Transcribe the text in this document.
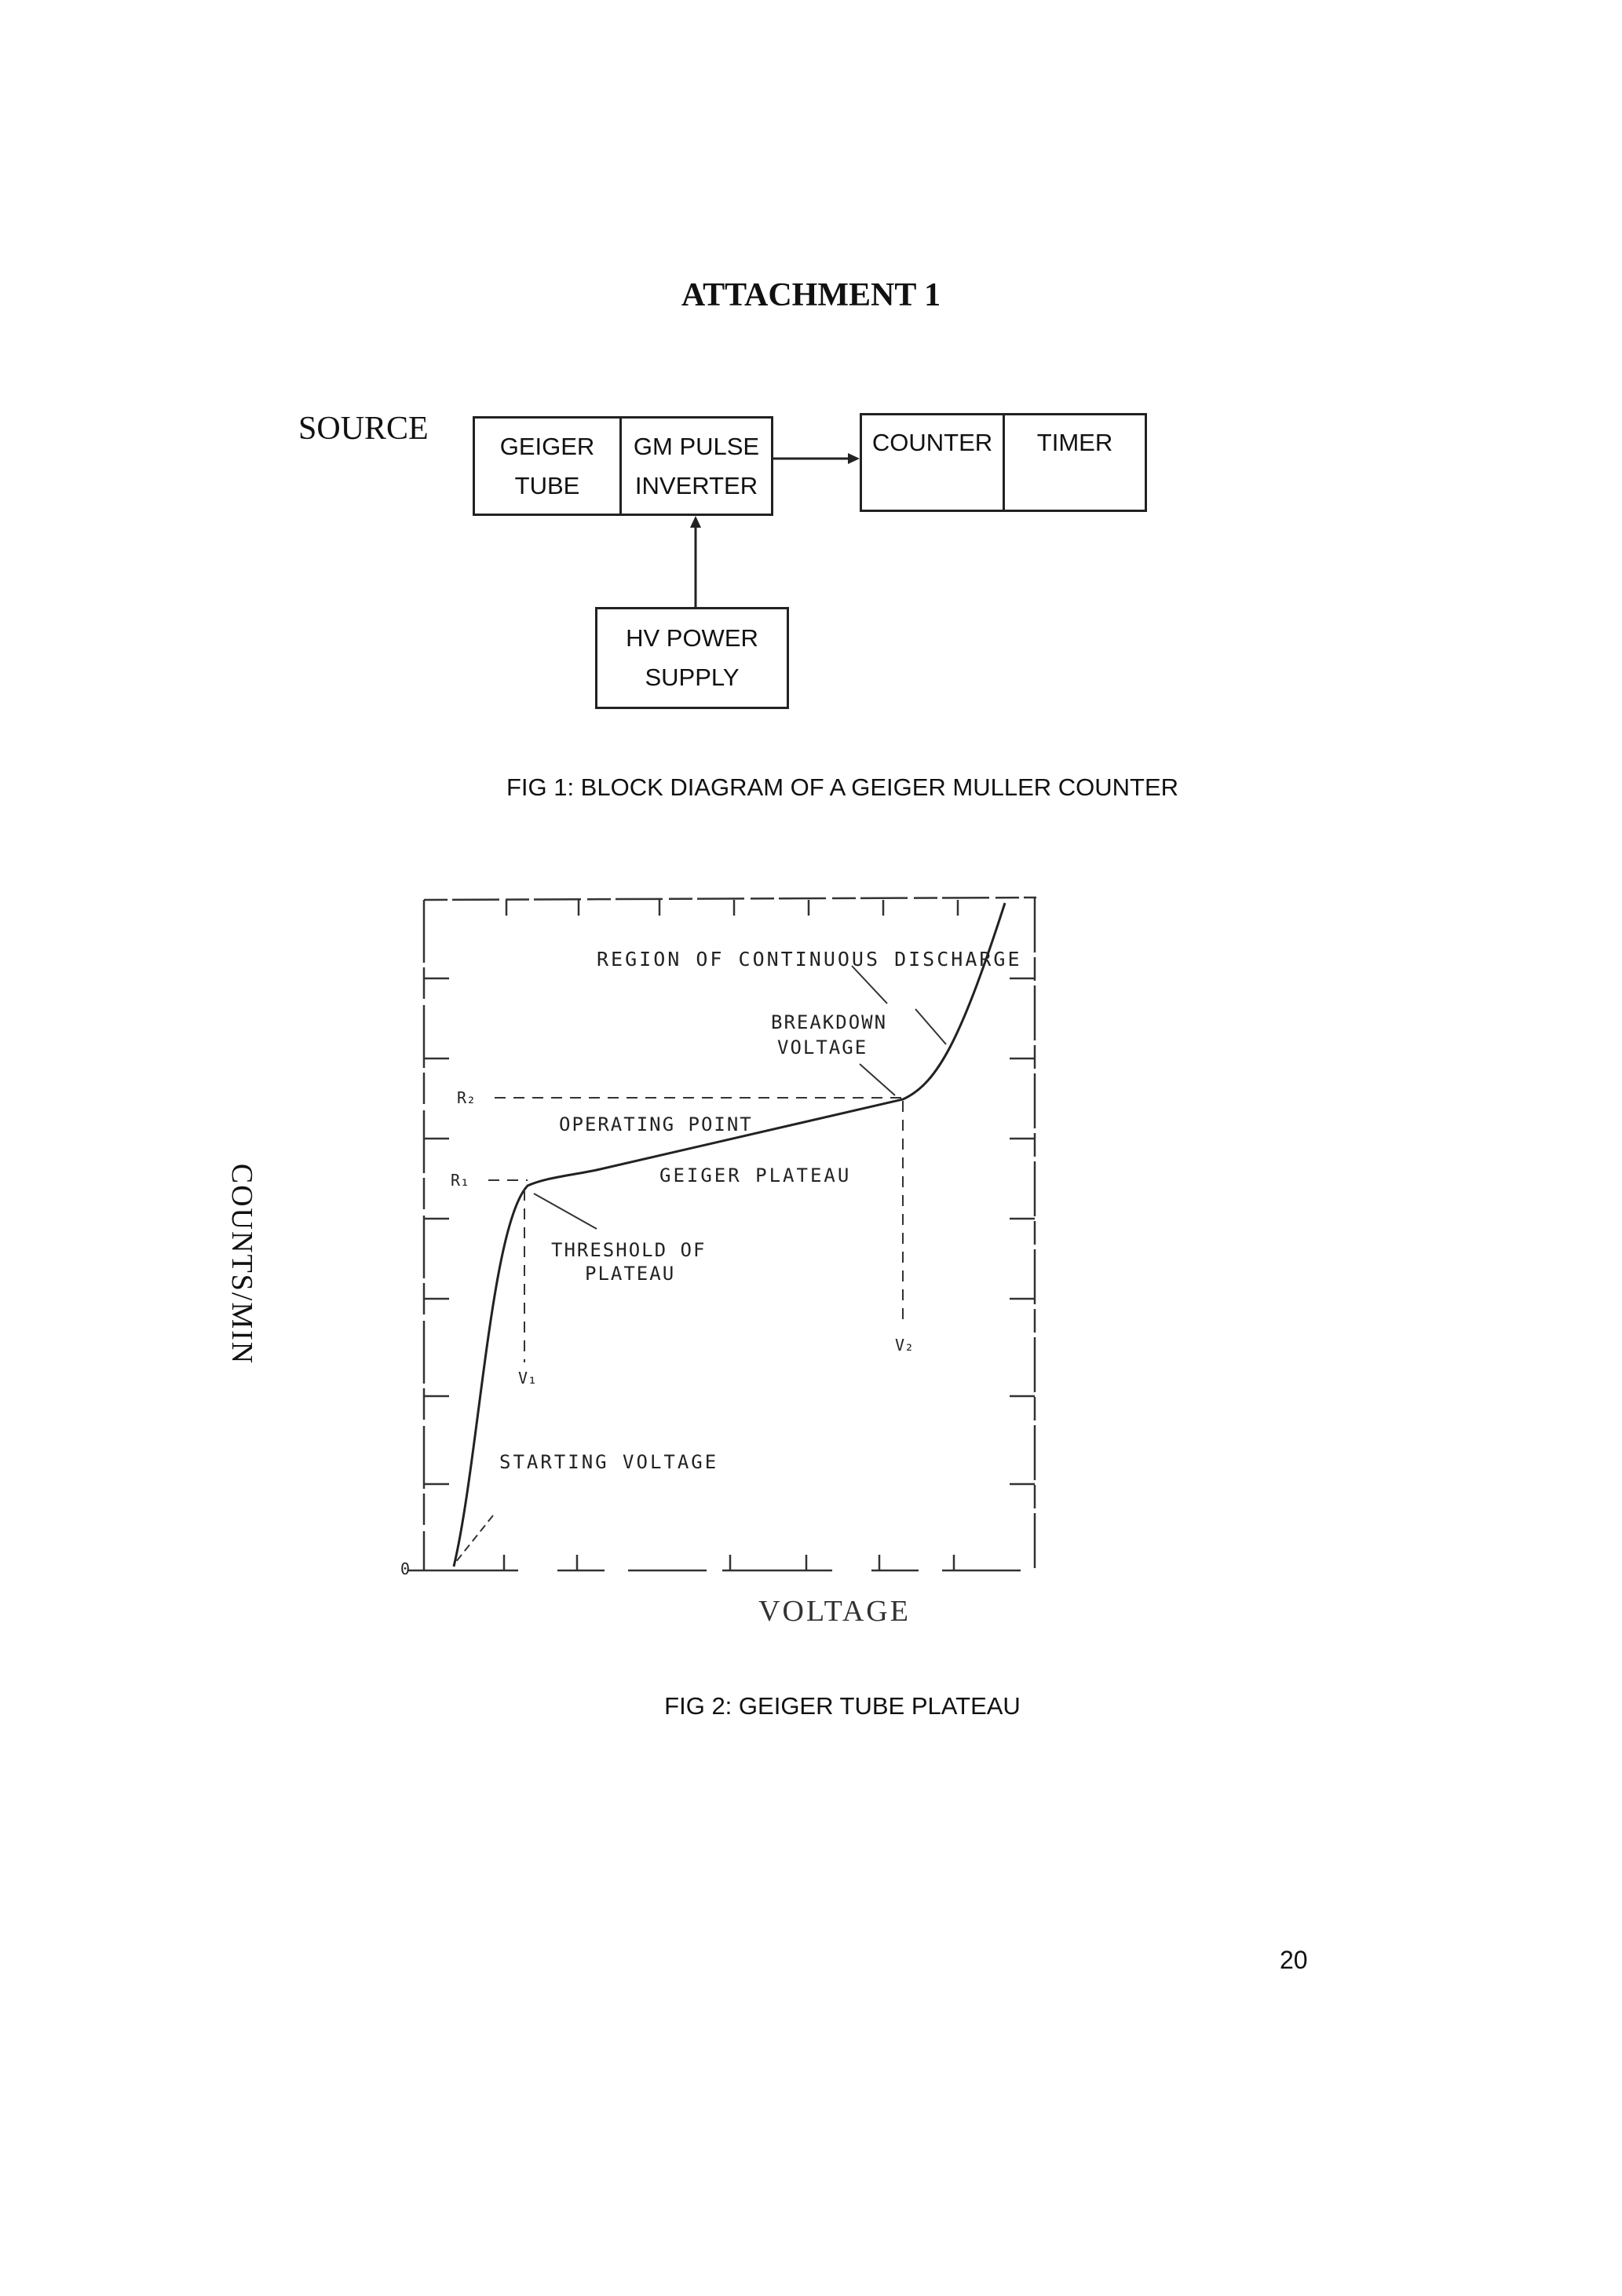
ATTACHMENT 1
SOURCE	GEIGER
TUBE
GM PULSE
INVERTER
COUNTER TIMER
HV POWER
SUPPLY
FIG 1: BLOCK DIAGRAM OF A GEIGER MULLER COUNTER
COUNTS/MIN
REGION OF CONTINUOUS DISCHARGE
BREAKDOWN
VOLTAGE
OPERATING POINT
GEIGER PLATEAU
THRESHOLD OF
PLATEAU
STARTING VOLTAGE
R₂
R₁
V₁
V₂
0
VOLTAGE
FIG 2: GEIGER TUBE PLATEAU
20
